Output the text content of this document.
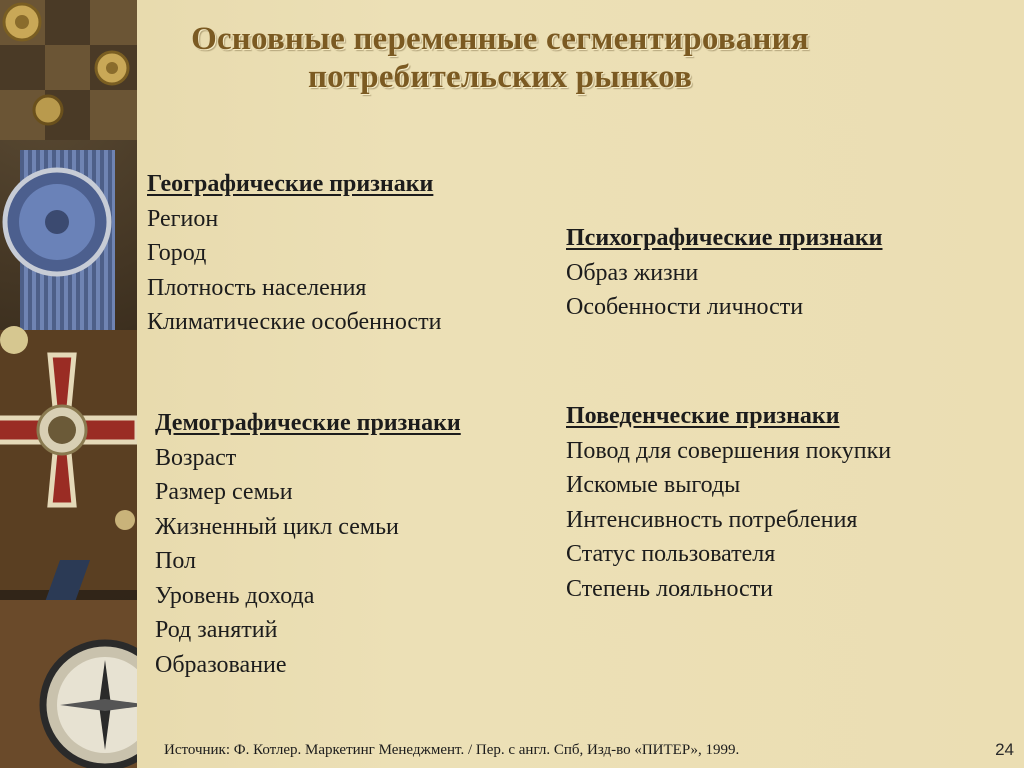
Основные переменные сегментирования
потребительских рынков
Географические признаки
Регион
Город
Плотность населения
Климатические особенности
Психографические признаки
Образ жизни
Особенности личности
Демографические признаки
Возраст
Размер семьи
Жизненный цикл семьи
Пол
Уровень дохода
Род занятий
Образование
Поведенческие признаки
Повод для совершения покупки
Искомые выгоды
Интенсивность потребления
Статус пользователя
Степень лояльности
Источник: Ф. Котлер. Маркетинг Менеджмент. / Пер. с англ. Спб, Изд-во «ПИТЕР», 1999.	24
